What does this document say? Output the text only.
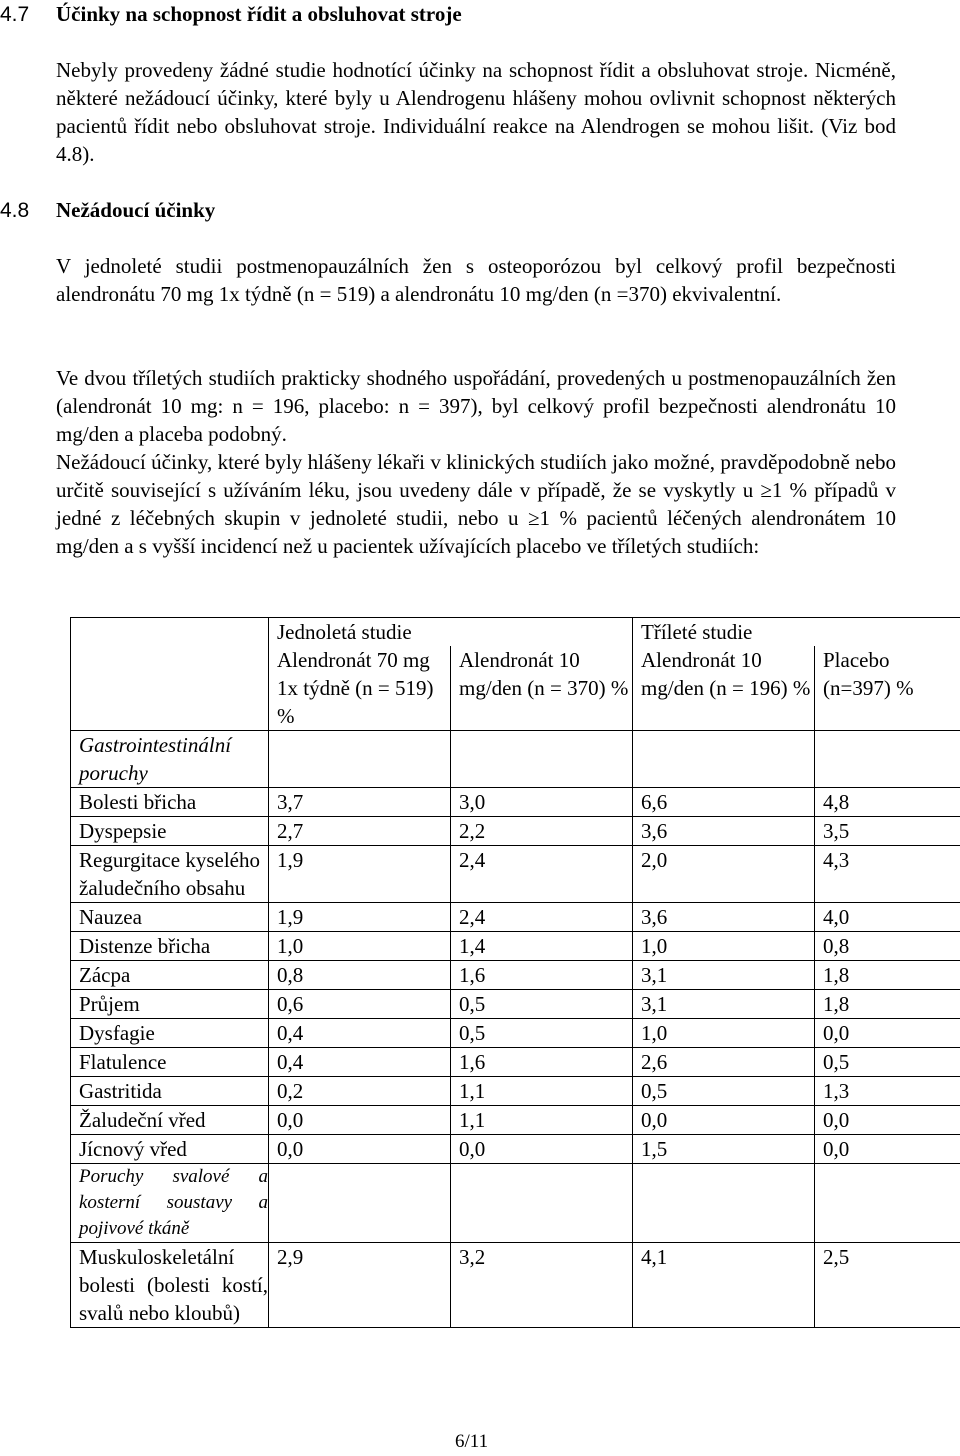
4.7 Účinky na schopnost řídit a obsluhovat stroje

Nebyly provedeny žádné studie hodnotící účinky na schopnost řídit a obsluhovat stroje. Nicméně, některé nežádoucí účinky, které byly u Alendrogenu hlášeny mohou ovlivnit schopnost některých pacientů řídit nebo obsluhovat stroje. Individuální reakce na Alendrogen se mohou lišit. (Viz bod 4.8).

4.8 Nežádoucí účinky

V jednoleté studii postmenopauzálních žen s osteoporózou byl celkový profil bezpečnosti alendronátu 70 mg 1x týdně (n = 519) a alendronátu 10 mg/den (n =370) ekvivalentní.

Ve dvou tříletých studiích prakticky shodného uspořádání, provedených u postmenopauzálních žen (alendronát 10 mg: n = 196, placebo: n = 397), byl celkový profil bezpečnosti alendronátu 10 mg/den a placeba podobný.

Nežádoucí účinky, které byly hlášeny lékaři v klinických studiích jako možné, pravděpodobně nebo určitě související s užíváním léku, jsou uvedeny dále v případě, že se vyskytly u ≥1 % případů v jedné z léčebných skupin v jednoleté studii, nebo u ≥1 % pacientů léčených alendronátem 10 mg/den a s vyšší incidencí než u pacientek užívajících placebo ve tříletých studiích:

	Jednoletá studie		Tříleté studie	
	Alendronát 70 mg 1x týdně (n = 519) %	Alendronát 10 mg/den (n = 370) %	Alendronát 10 mg/den (n = 196) %	Placebo (n=397) %
Gastrointestinální poruchy				
Bolesti břicha	3,7	3,0	6,6	4,8
Dyspepsie	2,7	2,2	3,6	3,5
Regurgitace kyselého žaludečního obsahu	1,9	2,4	2,0	4,3
Nauzea	1,9	2,4	3,6	4,0
Distenze břicha	1,0	1,4	1,0	0,8
Zácpa	0,8	1,6	3,1	1,8
Průjem	0,6	0,5	3,1	1,8
Dysfagie	0,4	0,5	1,0	0,0
Flatulence	0,4	1,6	2,6	0,5
Gastritida	0,2	1,1	0,5	1,3
Žaludeční vřed	0,0	1,1	0,0	0,0
Jícnový vřed	0,0	0,0	1,5	0,0
Poruchy svalové a kosterní soustavy a pojivové tkáně				
Muskuloskeletální bolesti (bolesti kostí, svalů nebo kloubů)	2,9	3,2	4,1	2,5
6/11
